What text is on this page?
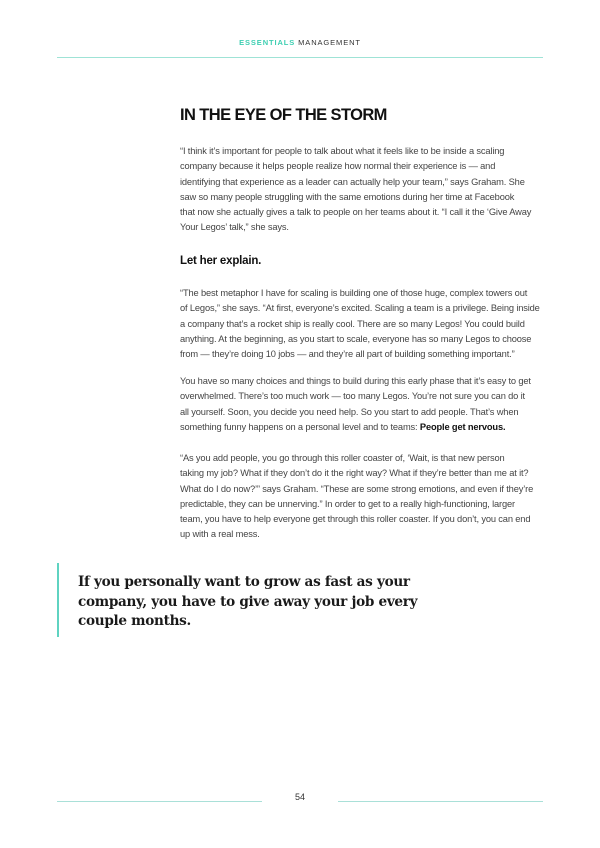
ESSENTIALS MANAGEMENT
IN THE EYE OF THE STORM
“I think it’s important for people to talk about what it feels like to be inside a scaling
company because it helps people realize how normal their experience is — and
identifying that experience as a leader can actually help your team,” says Graham. She
saw so many people struggling with the same emotions during her time at Facebook
that now she actually gives a talk to people on her teams about it. “I call it the ‘Give Away
Your Legos’ talk,” she says.
Let her explain.
“The best metaphor I have for scaling is building one of those huge, complex towers out
of Legos,” she says. “At first, everyone’s excited. Scaling a team is a privilege. Being inside
a company that’s a rocket ship is really cool. There are so many Legos! You could build
anything. At the beginning, as you start to scale, everyone has so many Legos to choose
from — they’re doing 10 jobs — and they’re all part of building something important.”
You have so many choices and things to build during this early phase that it’s easy to get
overwhelmed. There’s too much work — too many Legos. You’re not sure you can do it
all yourself. Soon, you decide you need help. So you start to add people. That’s when
something funny happens on a personal level and to teams: People get nervous.
“As you add people, you go through this roller coaster of, ‘Wait, is that new person
taking my job? What if they don’t do it the right way? What if they’re better than me at it?
What do I do now?’” says Graham. “These are some strong emotions, and even if they’re
predictable, they can be unnerving.” In order to get to a really high-functioning, larger
team, you have to help everyone get through this roller coaster. If you don’t, you can end
up with a real mess.
If you personally want to grow as fast as your
company, you have to give away your job every
couple months.
54
